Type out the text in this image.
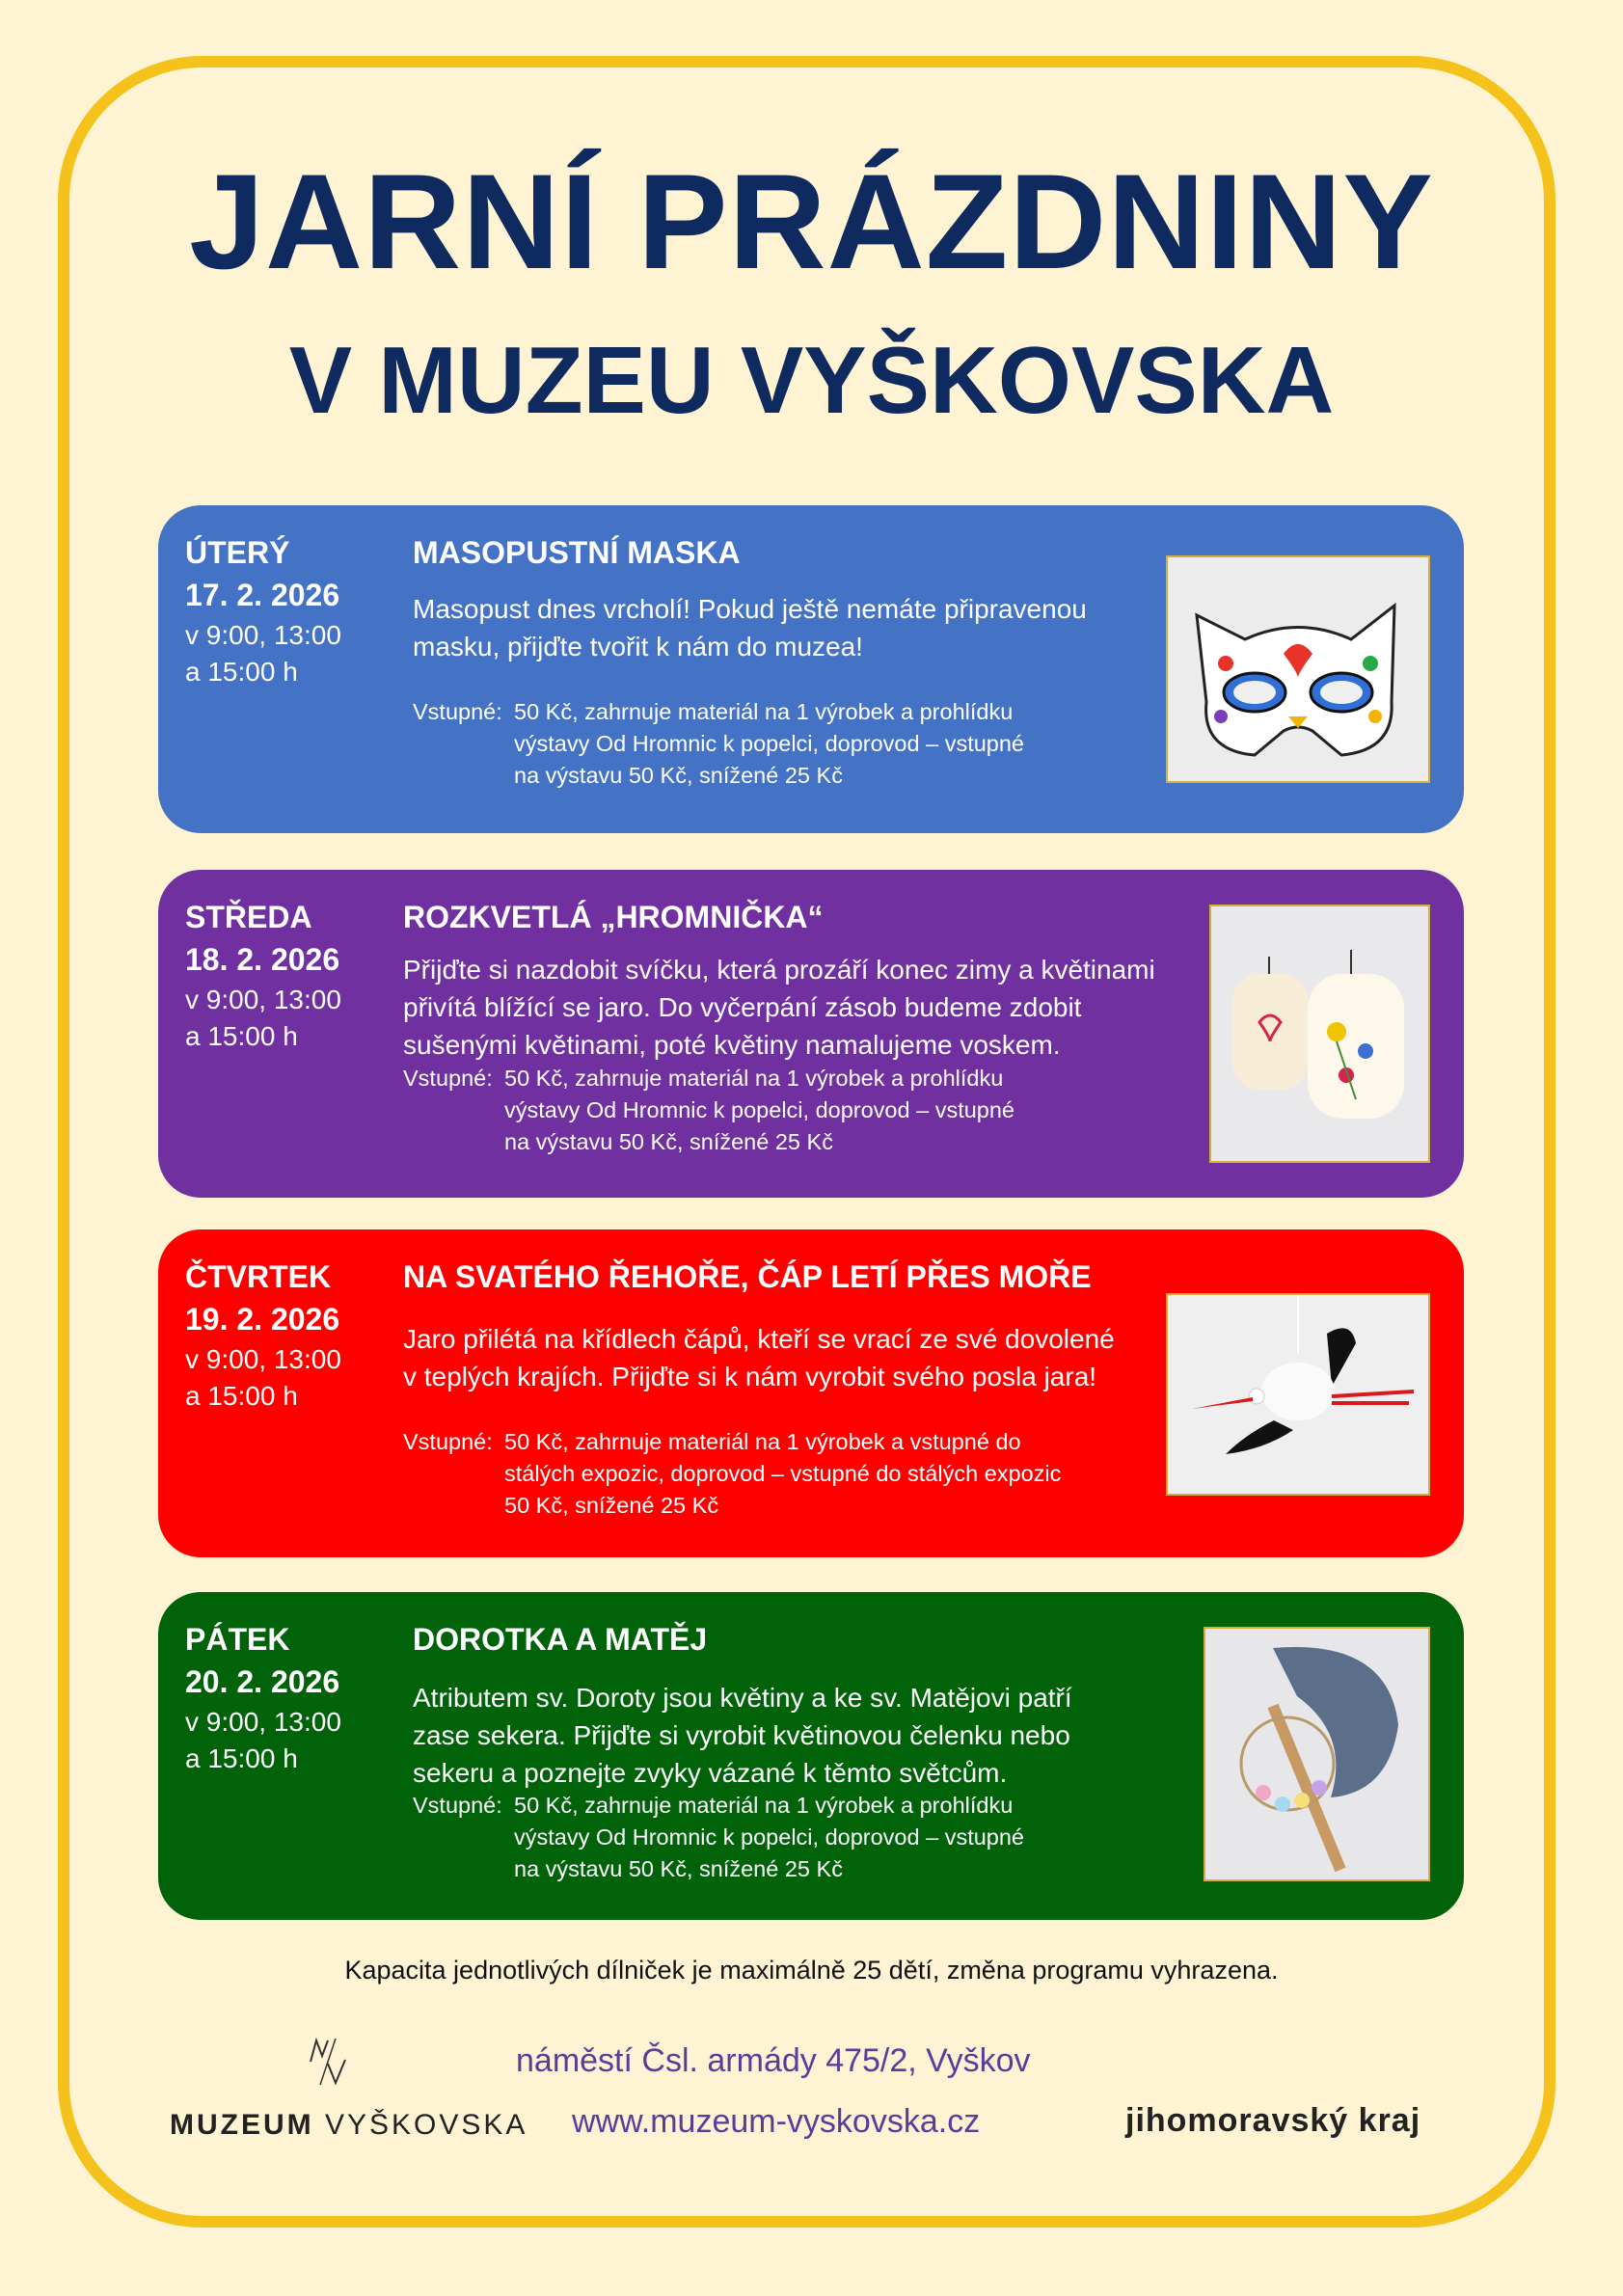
JARNÍ PRÁZDNINY
V MUZEU VYŠKOVSKA
ÚTERÝ
17. 2. 2026
v 9:00, 13:00
a 15:00 h
MASOPUSTNÍ MASKA
Masopust dnes vrcholí! Pokud ještě nemáte připravenou
masku, přijďte tvořit k nám do muzea!
Vstupné: 50 Kč, zahrnuje materiál na 1 výrobek a prohlídku
výstavy Od Hromnic k popelci, doprovod – vstupné
na výstavu 50 Kč, snížené 25 Kč
STŘEDA
18. 2. 2026
v 9:00, 13:00
a 15:00 h
ROZKVETLÁ „HROMNIČKA“
Přijďte si nazdobit svíčku, která prozáří konec zimy a květinami
přivítá blížící se jaro. Do vyčerpání zásob budeme zdobit
sušenými květinami, poté květiny namalujeme voskem.
Vstupné: 50 Kč, zahrnuje materiál na 1 výrobek a prohlídku
výstavy Od Hromnic k popelci, doprovod – vstupné
na výstavu 50 Kč, snížené 25 Kč
ČTVRTEK
19. 2. 2026
v 9:00, 13:00
a 15:00 h
NA SVATÉHO ŘEHOŘE, ČÁP LETÍ PŘES MOŘE
Jaro přilétá na křídlech čápů, kteří se vrací ze své dovolené
v teplých krajích. Přijďte si k nám vyrobit svého posla jara!
Vstupné: 50 Kč, zahrnuje materiál na 1 výrobek a vstupné do
stálých expozic, doprovod – vstupné do stálých expozic
50 Kč, snížené 25 Kč
PÁTEK
20. 2. 2026
v 9:00, 13:00
a 15:00 h
DOROTKA A MATĚJ
Atributem sv. Doroty jsou květiny a ke sv. Matějovi patří
zase sekera. Přijďte si vyrobit květinovou čelenku nebo
sekeru a poznejte zvyky vázané k těmto světcům.
Vstupné: 50 Kč, zahrnuje materiál na 1 výrobek a prohlídku
výstavy Od Hromnic k popelci, doprovod – vstupné
na výstavu 50 Kč, snížené 25 Kč
Kapacita jednotlivých dílniček je maximálně 25 dětí, změna programu vyhrazena.
MUZEUM VYŠKOVSKA
náměstí Čsl. armády 475/2, Vyškov
www.muzeum-vyskovska.cz	jihomoravský kraj
